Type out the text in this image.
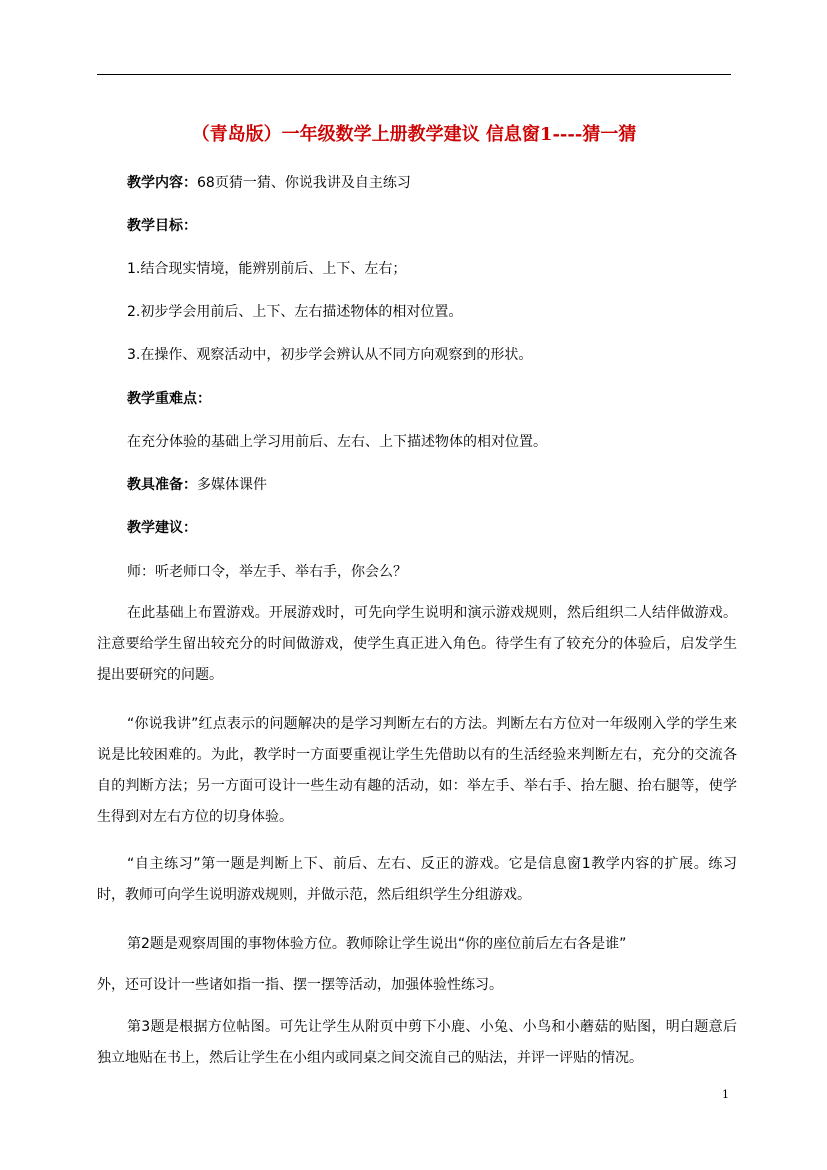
（青岛版）一年级数学上册教学建议 信息窗1----猜一猜
教学内容：68页猜一猜、你说我讲及自主练习
教学目标：
1.结合现实情境，能辨别前后、上下、左右；
2.初步学会用前后、上下、左右描述物体的相对位置。
3.在操作、观察活动中，初步学会辨认从不同方向观察到的形状。
教学重难点：
在充分体验的基础上学习用前后、左右、上下描述物体的相对位置。
教具准备：多媒体课件
教学建议：
师：听老师口令，举左手、举右手，你会么？
在此基础上布置游戏。开展游戏时，可先向学生说明和演示游戏规则，然后组织二人结伴做游戏。注意要给学生留出较充分的时间做游戏，使学生真正进入角色。待学生有了较充分的体验后，启发学生提出要研究的问题。
“你说我讲”红点表示的问题解决的是学习判断左右的方法。判断左右方位对一年级刚入学的学生来说是比较困难的。为此，教学时一方面要重视让学生先借助以有的生活经验来判断左右，充分的交流各自的判断方法；另一方面可设计一些生动有趣的活动，如：举左手、举右手、抬左腿、抬右腿等，使学生得到对左右方位的切身体验。
“自主练习”第一题是判断上下、前后、左右、反正的游戏。它是信息窗1教学内容的扩展。练习时，教师可向学生说明游戏规则，并做示范，然后组织学生分组游戏。
第2题是观察周围的事物体验方位。教师除让学生说出“你的座位前后左右各是谁”
外，还可设计一些诸如指一指、摆一摆等活动，加强体验性练习。
第3题是根据方位帖图。可先让学生从附页中剪下小鹿、小兔、小鸟和小蘑菇的贴图，明白题意后独立地贴在书上，然后让学生在小组内或同桌之间交流自己的贴法，并评一评贴的情况。
1
